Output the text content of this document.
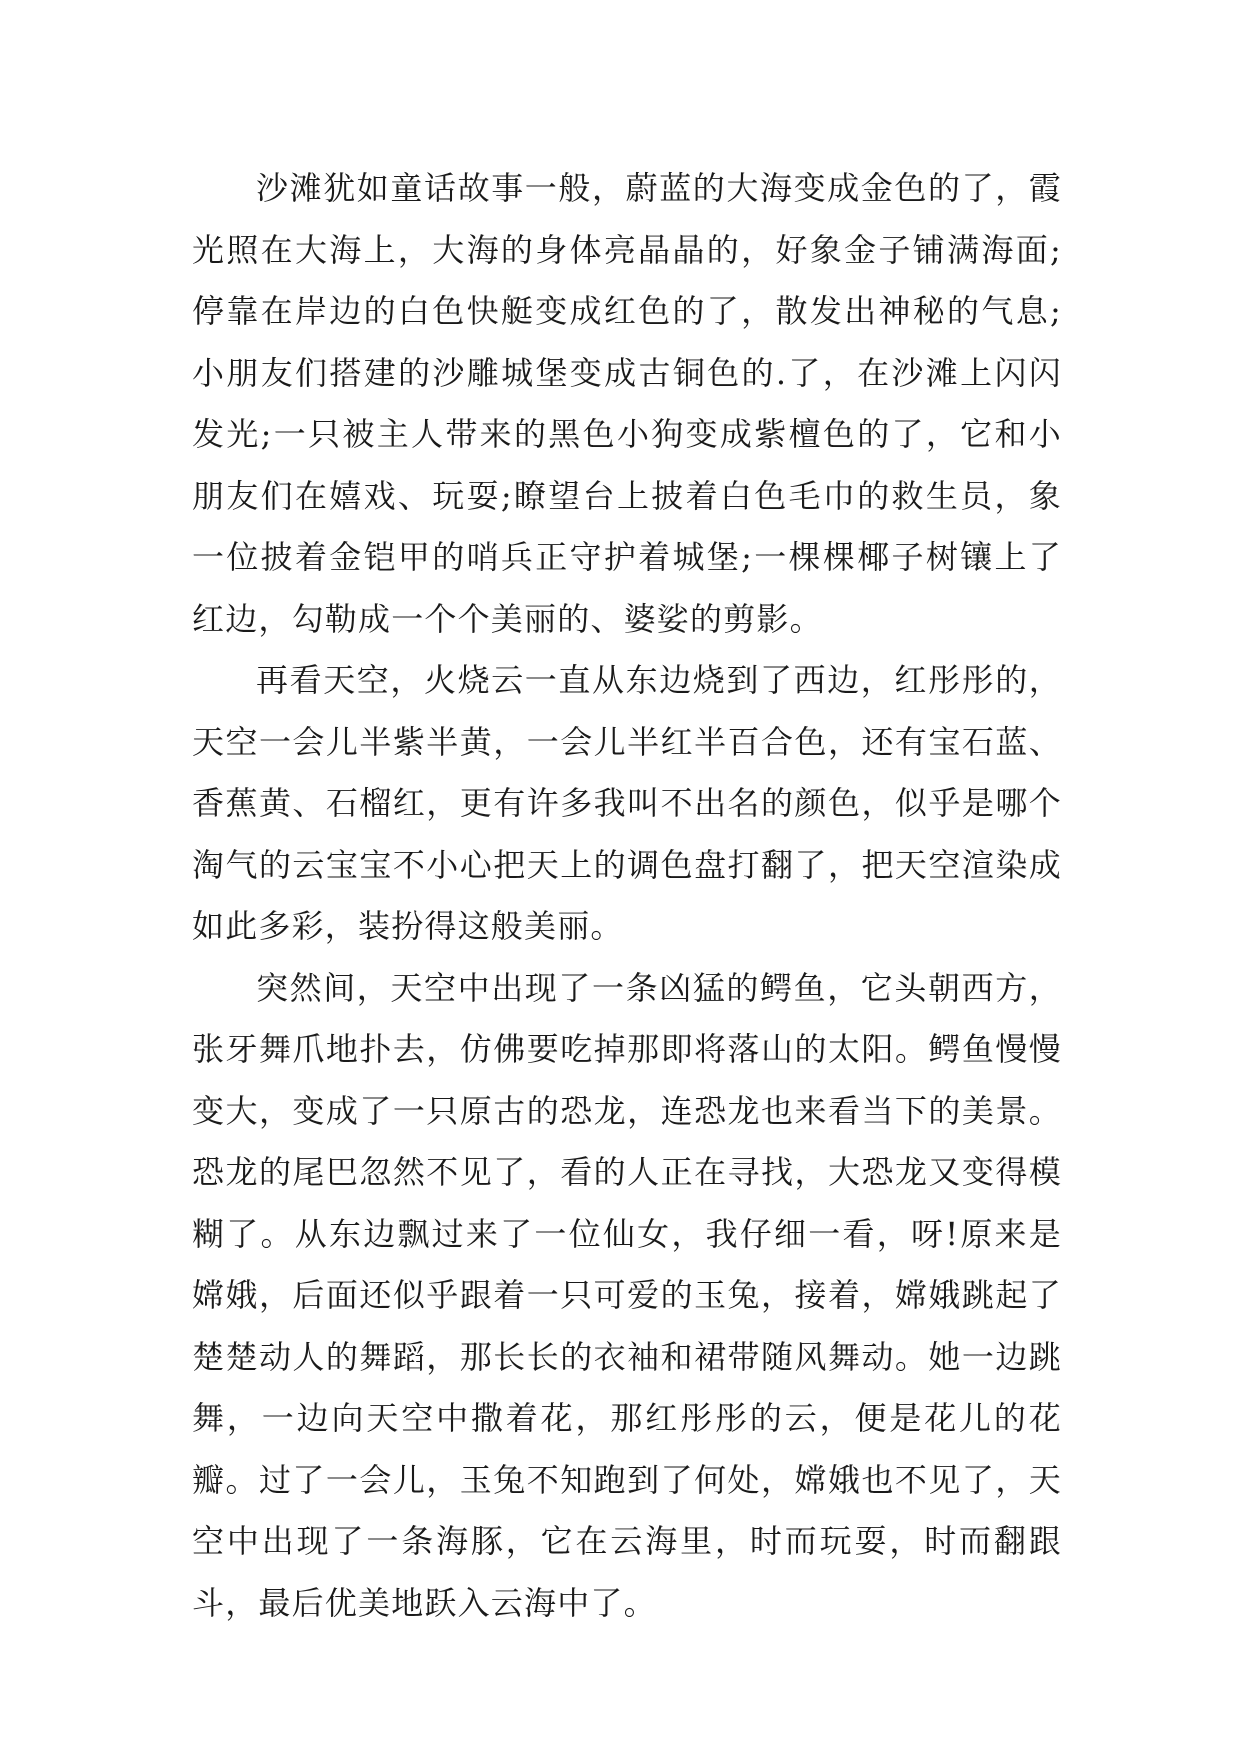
沙滩犹如童话故事一般，蔚蓝的大海变成金色的了，霞光照在大海上，大海的身体亮晶晶的，好象金子铺满海面;停靠在岸边的白色快艇变成红色的了，散发出神秘的气息;小朋友们搭建的沙雕城堡变成古铜色的.了，在沙滩上闪闪发光;一只被主人带来的黑色小狗变成紫檀色的了，它和小朋友们在嬉戏、玩耍;瞭望台上披着白色毛巾的救生员，象一位披着金铠甲的哨兵正守护着城堡;一棵棵椰子树镶上了红边，勾勒成一个个美丽的、婆娑的剪影。

再看天空，火烧云一直从东边烧到了西边，红彤彤的，天空一会儿半紫半黄，一会儿半红半百合色，还有宝石蓝、香蕉黄、石榴红，更有许多我叫不出名的颜色，似乎是哪个淘气的云宝宝不小心把天上的调色盘打翻了，把天空渲染成如此多彩，装扮得这般美丽。

突然间，天空中出现了一条凶猛的鳄鱼，它头朝西方，张牙舞爪地扑去，仿佛要吃掉那即将落山的太阳。鳄鱼慢慢变大，变成了一只原古的恐龙，连恐龙也来看当下的美景。恐龙的尾巴忽然不见了，看的人正在寻找，大恐龙又变得模糊了。从东边飘过来了一位仙女，我仔细一看，呀!原来是嫦娥，后面还似乎跟着一只可爱的玉兔，接着，嫦娥跳起了楚楚动人的舞蹈，那长长的衣袖和裙带随风舞动。她一边跳舞，一边向天空中撒着花，那红彤彤的云，便是花儿的花瓣。过了一会儿，玉兔不知跑到了何处，嫦娥也不见了，天空中出现了一条海豚，它在云海里，时而玩耍，时而翻跟斗，最后优美地跃入云海中了。
